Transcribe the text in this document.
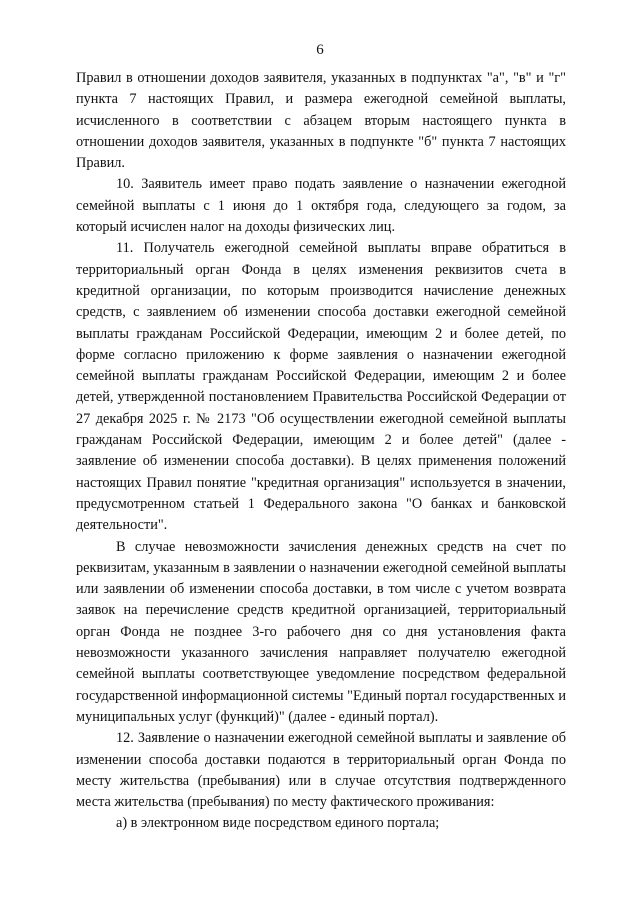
6

Правил в отношении доходов заявителя, указанных в подпунктах "а", "в" и "г" пункта 7 настоящих Правил, и размера ежегодной семейной выплаты, исчисленного в соответствии с абзацем вторым настоящего пункта в отношении доходов заявителя, указанных в подпункте "б" пункта 7 настоящих Правил.

10. Заявитель имеет право подать заявление о назначении ежегодной семейной выплаты с 1 июня до 1 октября года, следующего за годом, за который исчислен налог на доходы физических лиц.

11. Получатель ежегодной семейной выплаты вправе обратиться в территориальный орган Фонда в целях изменения реквизитов счета в кредитной организации, по которым производится начисление денежных средств, с заявлением об изменении способа доставки ежегодной семейной выплаты гражданам Российской Федерации, имеющим 2 и более детей, по форме согласно приложению к форме заявления о назначении ежегодной семейной выплаты гражданам Российской Федерации, имеющим 2 и более детей, утвержденной постановлением Правительства Российской Федерации от 27 декабря 2025 г. № 2173 "Об осуществлении ежегодной семейной выплаты гражданам Российской Федерации, имеющим 2 и более детей" (далее - заявление об изменении способа доставки). В целях применения положений настоящих Правил понятие "кредитная организация" используется в значении, предусмотренном статьей 1 Федерального закона "О банках и банковской деятельности".

В случае невозможности зачисления денежных средств на счет по реквизитам, указанным в заявлении о назначении ежегодной семейной выплаты или заявлении об изменении способа доставки, в том числе с учетом возврата заявок на перечисление средств кредитной организацией, территориальный орган Фонда не позднее 3-го рабочего дня со дня установления факта невозможности указанного зачисления направляет получателю ежегодной семейной выплаты соответствующее уведомление посредством федеральной государственной информационной системы "Единый портал государственных и муниципальных услуг (функций)" (далее - единый портал).

12. Заявление о назначении ежегодной семейной выплаты и заявление об изменении способа доставки подаются в территориальный орган Фонда по месту жительства (пребывания) или в случае отсутствия подтвержденного места жительства (пребывания) по месту фактического проживания:

а) в электронном виде посредством единого портала;
